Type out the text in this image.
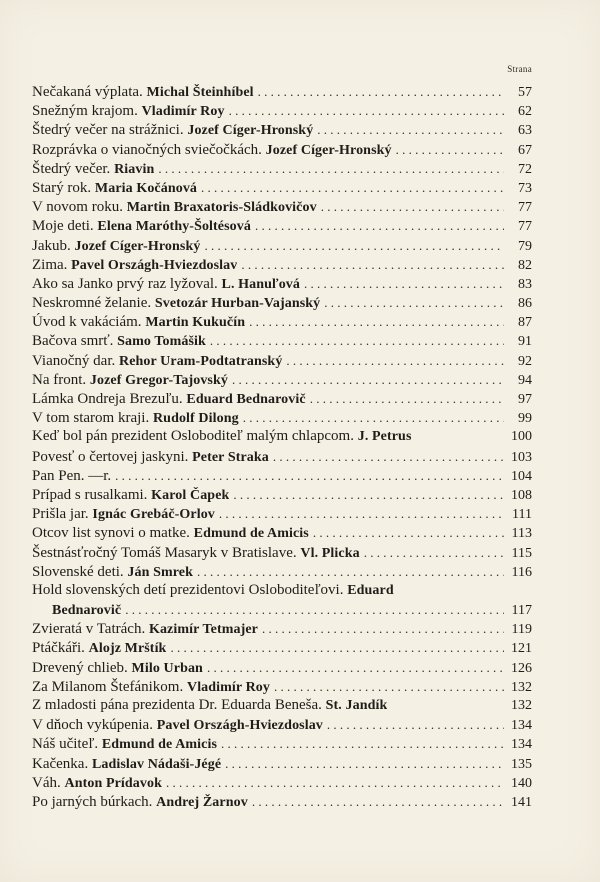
Strana
Nečakaná výplata. Michal Šteinhíbel . . .	57
Snežným krajom. Vladimír Roy . . .	62
Štedrý večer na strážnici. Jozef Cíger-Hronský . . .	63
Rozprávka o vianočných sviečočkách. Jozef Cíger-Hronský . . .	67
Štedrý večer. Riavin . . .	72
Starý rok. Maria Kočánová . . .	73
V novom roku. Martin Braxatoris-Sládkovičov . . .	77
Moje deti. Elena Maróthy-Šoltésová . . .	77
Jakub. Jozef Cíger-Hronský . . .	79
Zima. Pavel Országh-Hviezdoslav . . .	82
Ako sa Janko prvý raz lyžoval. L. Hanuľová . . .	83
Neskromné želanie. Svetozár Hurban-Vajanský . . .	86
Úvod k vakáciám. Martin Kukučín . . .	87
Bačova smrť. Samo Tomášik . . .	91
Vianočný dar. Rehor Uram-Podtatranský . . .	92
Na front. Jozef Gregor-Tajovský . . .	94
Lámka Ondreja Brezuľu. Eduard Bednarovič . . .	97
V tom starom kraji. Rudolf Dilong . . .	99
Keď bol pán prezident Osloboditeľ malým chlapcom. J. Petrus	100
Povesť o čertovej jaskyni. Peter Straka . . .	103
Pan Pen. —r. . . .	104
Prípad s rusalkami. Karol Čapek . . .	108
Prišla jar. Ignác Grebáč-Orlov . . .	111
Otcov list synovi o matke. Edmund de Amicis . . .	113
Šestnásťročný Tomáš Masaryk v Bratislave. Vl. Plicka . . .	115
Slovenské deti. Ján Smrek . . .	116
Hold slovenských detí prezidentovi Osloboditeľovi. Eduard
Bednarovič . . .	117
Zvieratá v Tatrách. Kazimír Tetmajer . . .	119
Ptáčkáři. Alojz Mrštík . . .	121
Drevený chlieb. Milo Urban . . .	126
Za Milanom Štefánikom. Vladimír Roy . . .	132
Z mladosti pána prezidenta Dr. Eduarda Beneša. St. Jandík	132
V dňoch vykúpenia. Pavel Országh-Hviezdoslav . . .	134
Náš učiteľ. Edmund de Amicis . . .	134
Kačenka. Ladislav Nádaši-Jégé . . .	135
Váh. Anton Prídavok . . .	140
Po jarných búrkach. Andrej Žarnov . . .	141
